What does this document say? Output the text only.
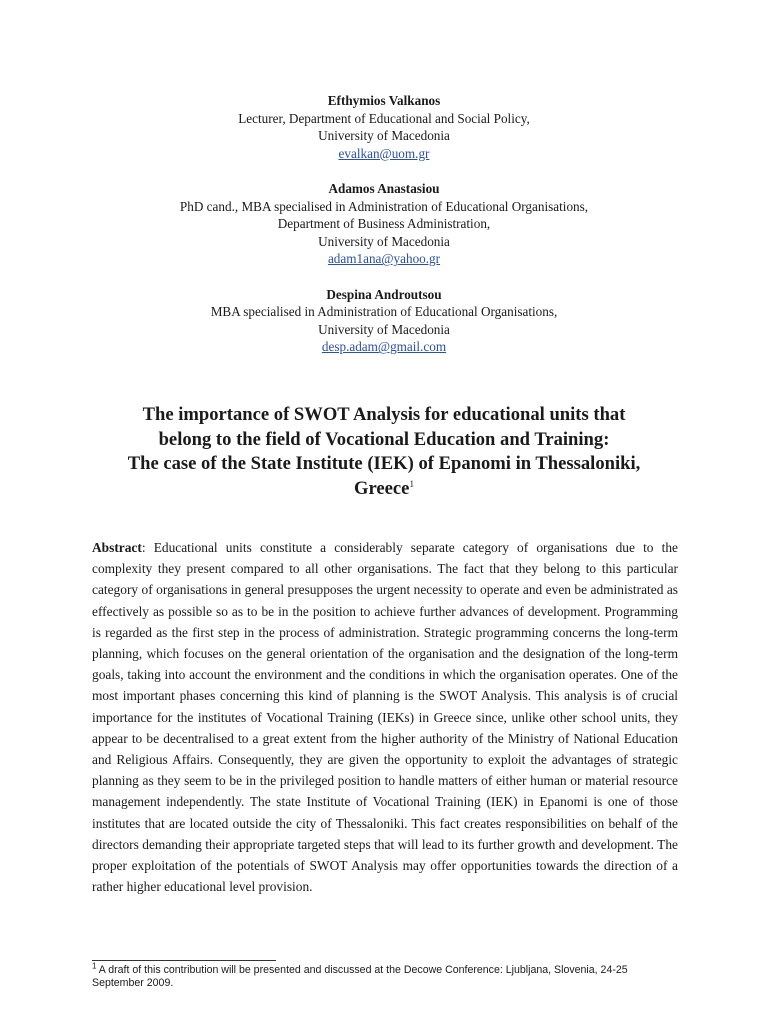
Efthymios Valkanos
Lecturer, Department of Educational and Social Policy,
University of Macedonia
evalkan@uom.gr
Adamos Anastasiou
PhD cand., MBA specialised in Administration of Educational Organisations,
Department of Business Administration,
University of Macedonia
adam1ana@yahoo.gr
Despina Androutsou
MBA specialised in Administration of Educational Organisations,
University of Macedonia
desp.adam@gmail.com
The importance of SWOT Analysis for educational units that
belong to the field of Vocational Education and Training:
The case of the State Institute (IEK) of Epanomi in Thessaloniki,
Greece$^1$
Abstract: Educational units constitute a considerably separate category of organisations due to the complexity they present compared to all other organisations. The fact that they belong to this particular category of organisations in general presupposes the urgent necessity to operate and even be administrated as effectively as possible so as to be in the position to achieve further advances of development. Programming is regarded as the first step in the process of administration. Strategic programming concerns the long-term planning, which focuses on the general orientation of the organisation and the designation of the long-term goals, taking into account the environment and the conditions in which the organisation operates. One of the most important phases concerning this kind of planning is the SWOT Analysis. This analysis is of crucial importance for the institutes of Vocational Training (IEKs) in Greece since, unlike other school units, they appear to be decentralised to a great extent from the higher authority of the Ministry of National Education and Religious Affairs. Consequently, they are given the opportunity to exploit the advantages of strategic planning as they seem to be in the privileged position to handle matters of either human or material resource management independently. The state Institute of Vocational Training (IEK) in Epanomi is one of those institutes that are located outside the city of Thessaloniki. This fact creates responsibilities on behalf of the directors demanding their appropriate targeted steps that will lead to its further growth and development. The proper exploitation of the potentials of SWOT Analysis may offer opportunities towards the direction of a rather higher educational level provision.
$^1$ A draft of this contribution will be presented and discussed at the Decowe Conference: Ljubljana, Slovenia, 24-25 September 2009.
